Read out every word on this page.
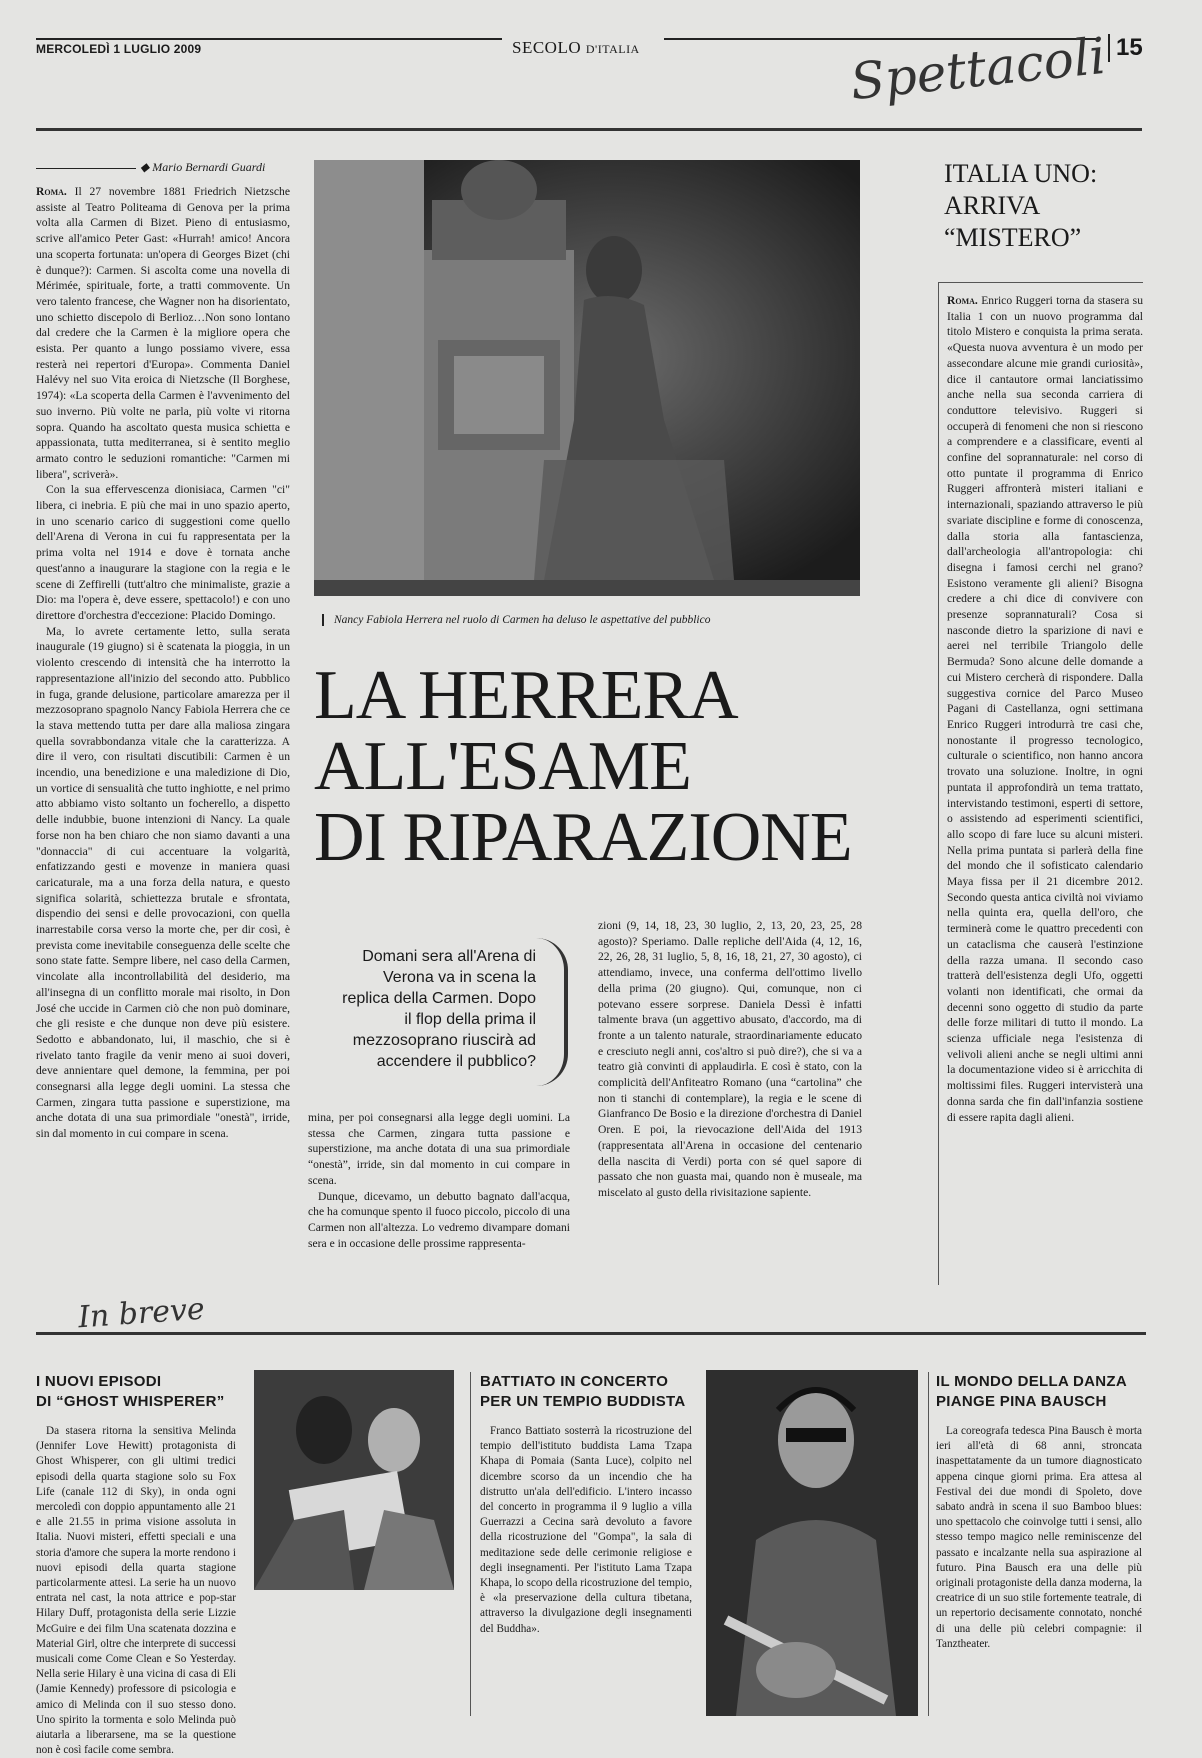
MERCOLEDÌ 1 LUGLIO 2009	SECOLO D'ITALIA	Spettacoli 15
◆ Mario Bernardi Guardi

Roma. Il 27 novembre 1881 Friedrich Nietzsche assiste al Teatro Politeama di Genova per la prima volta alla Carmen di Bizet. Pieno di entusiasmo, scrive all'amico Peter Gast: «Hurrah! amico! Ancora una scoperta fortunata: un'opera di Georges Bizet (chi è dunque?): Carmen. Si ascolta come una novella di Mérimée, spirituale, forte, a tratti commovente. Un vero talento francese, che Wagner non ha disorientato, uno schietto discepolo di Berlioz…Non sono lontano dal credere che la Carmen è la migliore opera che esista. Per quanto a lungo possiamo vivere, essa resterà nei repertori d'Europa». Commenta Daniel Halévy nel suo Vita eroica di Nietzsche (Il Borghese, 1974): «La scoperta della Carmen è l'avvenimento del suo inverno. Più volte ne parla, più volte vi ritorna sopra. Quando ha ascoltato questa musica schietta e appassionata, tutta mediterranea, si è sentito meglio armato contro le seduzioni romantiche: "Carmen mi libera", scriverà».

Con la sua effervescenza dionisiaca, Carmen "ci" libera, ci inebria. E più che mai in uno spazio aperto, in uno scenario carico di suggestioni come quello dell'Arena di Verona in cui fu rappresentata per la prima volta nel 1914 e dove è tornata anche quest'anno a inaugurare la stagione con la regia e le scene di Zeffirelli (tutt'altro che minimaliste, grazie a Dio: ma l'opera è, deve essere, spettacolo!) e con uno direttore d'orchestra d'eccezione: Placido Domingo.

Ma, lo avrete certamente letto, sulla serata inaugurale (19 giugno) si è scatenata la pioggia, in un violento crescendo di intensità che ha interrotto la rappresentazione all'inizio del secondo atto. Pubblico in fuga, grande delusione, particolare amarezza per il mezzosoprano spagnolo Nancy Fabiola Herrera che ce la stava mettendo tutta per dare alla maliosa zingara quella sovrabbondanza vitale che la caratterizza. A dire il vero, con risultati discutibili: Carmen è un incendio, una benedizione e una maledizione di Dio, un vortice di sensualità che tutto inghiotte, e nel primo atto abbiamo visto soltanto un focherello, a dispetto delle indubbie, buone intenzioni di Nancy. La quale forse non ha ben chiaro che non siamo davanti a una "donnaccia" di cui accentuare la volgarità, enfatizzando gesti e movenze in maniera quasi caricaturale, ma a una forza della natura, e questo significa solarità, schiettezza brutale e sfrontata, dispendio dei sensi e delle provocazioni, con quella inarrestabile corsa verso la morte che, per dir così, è prevista come inevitabile conseguenza delle scelte che sono state fatte. Sempre libere, nel caso della Carmen, vincolate alla incontrollabilità del desiderio, ma all'insegna di un conflitto morale mai risolto, in Don José che uccide in Carmen ciò che non può dominare, che gli resiste e che dunque non deve più esistere. Sedotto e abbandonato, lui, il maschio, che si è rivelato tanto fragile da venir meno ai suoi doveri, deve annientare quel demone, la femmina, per poi consegnarsi alla legge degli uomini. La stessa che Carmen, zingara tutta passione e superstizione, ma anche dotata di una sua primordiale "onestà", irride, sin dal momento in cui compare in scena.

Nancy Fabiola Herrera nel ruolo di Carmen ha deluso le aspettative del pubblico
LA HERRERA
ALL'ESAME
DI RIPARAZIONE
Domani sera all'Arena di Verona va in scena la replica della Carmen. Dopo il flop della prima il mezzosoprano riuscirà ad accendere il pubblico?

mina, per poi consegnarsi alla legge degli uomini. La stessa che Carmen, zingara tutta passione e superstizione, ma anche dotata di una sua primordiale “onestà”, irride, sin dal momento in cui compare in scena.

Dunque, dicevamo, un debutto bagnato dall'acqua, che ha comunque spento il fuoco piccolo, piccolo di una Carmen non all'altezza. Lo vedremo divampare domani sera e in occasione delle prossime rappresenta-

zioni (9, 14, 18, 23, 30 luglio, 2, 13, 20, 23, 25, 28 agosto)? Speriamo. Dalle repliche dell'Aida (4, 12, 16, 22, 26, 28, 31 luglio, 5, 8, 16, 18, 21, 27, 30 agosto), ci attendiamo, invece, una conferma dell'ottimo livello della prima (20 giugno). Qui, comunque, non ci potevano essere sorprese. Daniela Dessì è infatti talmente brava (un aggettivo abusato, d'accordo, ma di fronte a un talento naturale, straordinariamente educato e cresciuto negli anni, cos'altro si può dire?), che si va a teatro già convinti di applaudirla. E così è stato, con la complicità dell'Anfiteatro Romano (una “cartolina” che non ti stanchi di contemplare), la regia e le scene di Gianfranco De Bosio e la direzione d'orchestra di Daniel Oren. E poi, la rievocazione dell'Aida del 1913 (rappresentata all'Arena in occasione del centenario della nascita di Verdi) porta con sé quel sapore di passato che non guasta mai, quando non è museale, ma miscelato al gusto della rivisitazione sapiente.

ITALIA UNO:
ARRIVA
“MISTERO”

Roma. Enrico Ruggeri torna da stasera su Italia 1 con un nuovo programma dal titolo Mistero e conquista la prima serata. «Questa nuova avventura è un modo per assecondare alcune mie grandi curiosità», dice il cantautore ormai lanciatissimo anche nella sua seconda carriera di conduttore televisivo. Ruggeri si occuperà di fenomeni che non si riescono a comprendere e a classificare, eventi al confine del soprannaturale: nel corso di otto puntate il programma di Enrico Ruggeri affronterà misteri italiani e internazionali, spaziando attraverso le più svariate discipline e forme di conoscenza, dalla storia alla fantascienza, dall'archeologia all'antropologia: chi disegna i famosi cerchi nel grano? Esistono veramente gli alieni? Bisogna credere a chi dice di convivere con presenze soprannaturali? Cosa si nasconde dietro la sparizione di navi e aerei nel terribile Triangolo delle Bermuda? Sono alcune delle domande a cui Mistero cercherà di rispondere. Dalla suggestiva cornice del Parco Museo Pagani di Castellanza, ogni settimana Enrico Ruggeri introdurrà tre casi che, nonostante il progresso tecnologico, culturale o scientifico, non hanno ancora trovato una soluzione. Inoltre, in ogni puntata il approfondirà un tema trattato, intervistando testimoni, esperti di settore, o assistendo ad esperimenti scientifici, allo scopo di fare luce su alcuni misteri. Nella prima puntata si parlerà della fine del mondo che il sofisticato calendario Maya fissa per il 21 dicembre 2012. Secondo questa antica civiltà noi viviamo nella quinta era, quella dell'oro, che terminerà come le quattro precedenti con un cataclisma che causerà l'estinzione della razza umana. Il secondo caso tratterà dell'esistenza degli Ufo, oggetti volanti non identificati, che ormai da decenni sono oggetto di studio da parte delle forze militari di tutto il mondo. La scienza ufficiale nega l'esistenza di velivoli alieni anche se negli ultimi anni la documentazione video si è arricchita di moltissimi files. Ruggeri intervisterà una donna sarda che fin dall'infanzia sostiene di essere rapita dagli alieni.

In breve
I NUOVI EPISODI
DI “GHOST WHISPERER”

Da stasera ritorna la sensitiva Melinda (Jennifer Love Hewitt) protagonista di Ghost Whisperer, con gli ultimi tredici episodi della quarta stagione solo su Fox Life (canale 112 di Sky), in onda ogni mercoledì con doppio appuntamento alle 21 e alle 21.55 in prima visione assoluta in Italia. Nuovi misteri, effetti speciali e una storia d'amore che supera la morte rendono i nuovi episodi della quarta stagione particolarmente attesi. La serie ha un nuovo entrata nel cast, la nota attrice e pop-star Hilary Duff, protagonista della serie Lizzie McGuire e dei film Una scatenata dozzina e Material Girl, oltre che interprete di successi musicali come Come Clean e So Yesterday. Nella serie Hilary è una vicina di casa di Eli (Jamie Kennedy) professore di psicologia e amico di Melinda con il suo stesso dono. Uno spirito la tormenta e solo Melinda può aiutarla a liberarsene, ma se la questione non è così facile come sembra.

BATTIATO IN CONCERTO
PER UN TEMPIO BUDDISTA

Franco Battiato sosterrà la ricostruzione del tempio dell'istituto buddista Lama Tzapa Khapa di Pomaia (Santa Luce), colpito nel dicembre scorso da un incendio che ha distrutto un'ala dell'edificio. L'intero incasso del concerto in programma il 9 luglio a villa Guerrazzi a Cecina sarà devoluto a favore della ricostruzione del "Gompa", la sala di meditazione sede delle cerimonie religiose e degli insegnamenti. Per l'istituto Lama Tzapa Khapa, lo scopo della ricostruzione del tempio, è «la preservazione della cultura tibetana, attraverso la divulgazione degli insegnamenti del Buddha».

IL MONDO DELLA DANZA
PIANGE PINA BAUSCH

La coreografa tedesca Pina Bausch è morta ieri all'età di 68 anni, stroncata inaspettatamente da un tumore diagnosticato appena cinque giorni prima. Era attesa al Festival dei due mondi di Spoleto, dove sabato andrà in scena il suo Bamboo blues: uno spettacolo che coinvolge tutti i sensi, allo stesso tempo magico nelle reminiscenze del passato e incalzante nella sua aspirazione al futuro. Pina Bausch era una delle più originali protagoniste della danza moderna, la creatrice di un suo stile fortemente teatrale, di un repertorio decisamente connotato, nonché di una delle più celebri compagnie: il Tanztheater.
